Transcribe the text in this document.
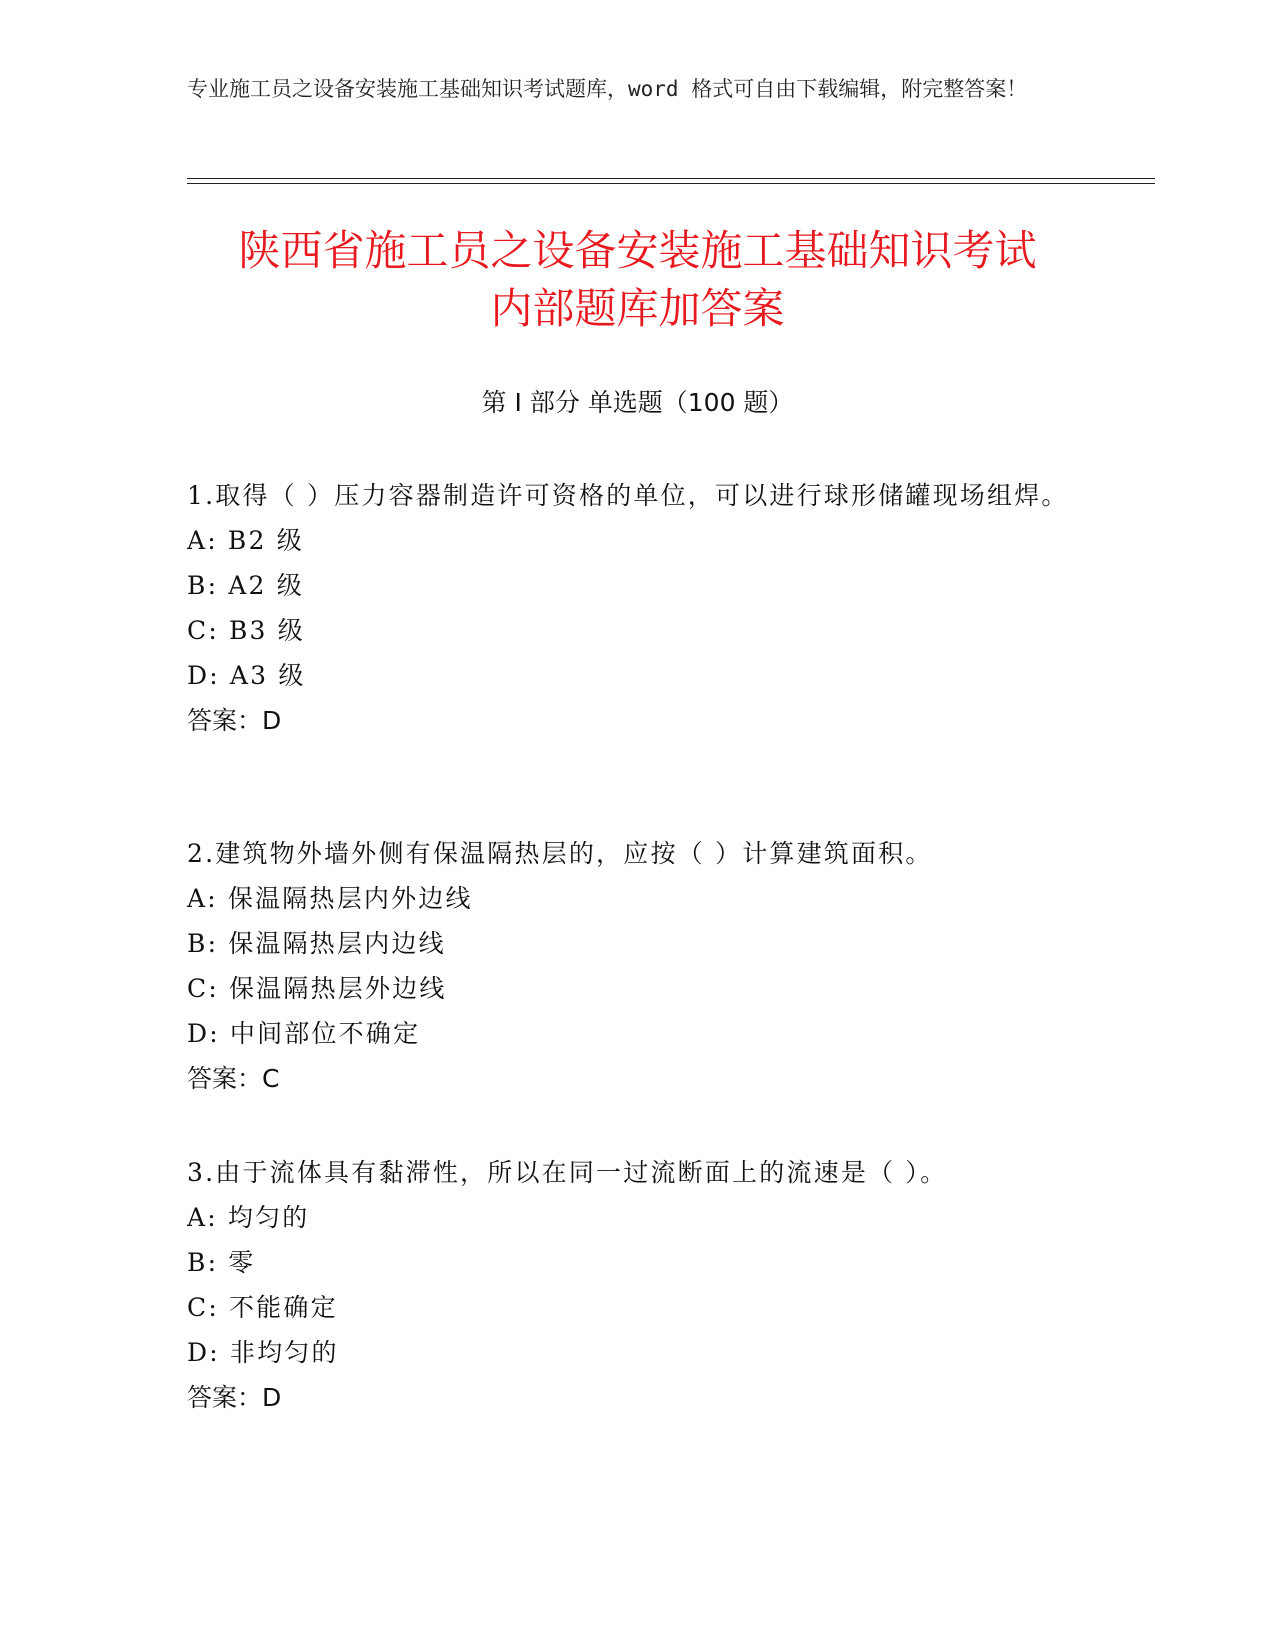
专业施工员之设备安装施工基础知识考试题库，word 格式可自由下载编辑，附完整答案！
陕西省施工员之设备安装施工基础知识考试
内部题库加答案
第 I 部分 单选题（100 题）

1.取得（ ）压力容器制造许可资格的单位，可以进行球形储罐现场组焊。

A: B2 级

B: A2 级

C: B3 级

D: A3 级

答案：D

2.建筑物外墙外侧有保温隔热层的，应按（ ）计算建筑面积。

A: 保温隔热层内外边线

B: 保温隔热层内边线

C: 保温隔热层外边线

D: 中间部位不确定

答案：C

3.由于流体具有黏滞性，所以在同一过流断面上的流速是（ ）。

A: 均匀的

B: 零

C: 不能确定

D: 非均匀的

答案：D
